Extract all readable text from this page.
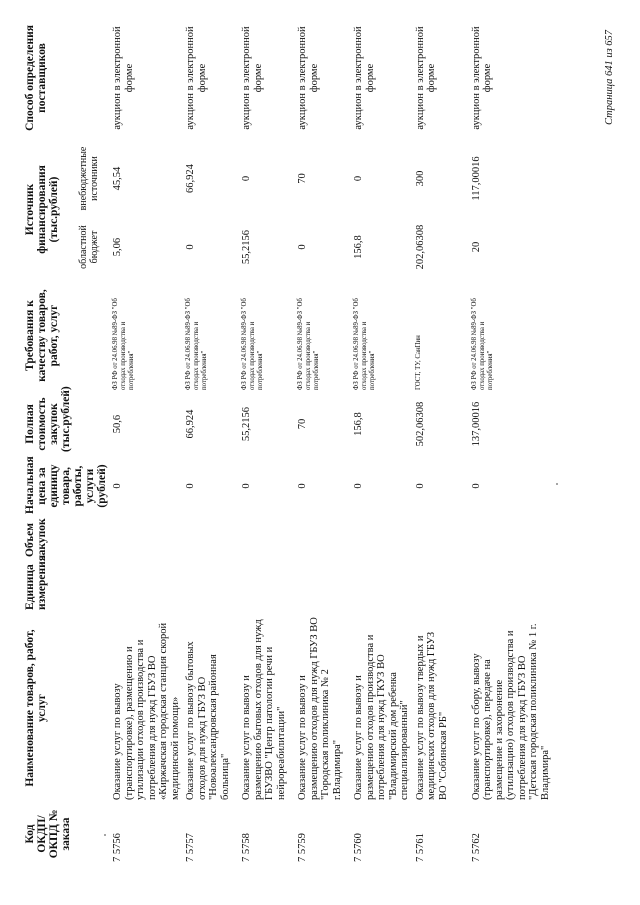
Код ОКДП/ ОКПД № заказа	Наименование товаров, работ, услуг	Единица измерения	Объем закупок	Начальная цена за единицу товара, работы, услуги (рублей)	Полная стоимость закупок (тыс.рублей)	Требования к качеству товаров, работ, услуг	Источник финансирования (тыс.рублей)		Способ определения поставщиков
							областной бюджет	внебюджетные источники	
7 5756	Оказание услуг по вывозу (транспортировке), размещению и утилизации отходов производства и потребления для нужд ГБУЗ ВО «Киржачская городская станция скорой медицинской помощи»			0	50,6	ФЗ РФ от 24.06.98 №89-ФЗ "Об отходах производства и потребления"	5,06	45,54	аукцион в электронной форме
7 5757	Оказание услуг по вывозу бытовых отходов для нужд ГБУЗ ВО "Новоалександровская районная больница"			0	66,924	ФЗ РФ от 24.06.98 №89-ФЗ "Об отходах производства и потребления"	0	66,924	аукцион в электронной форме
7 5758	Оказание услуг по вывозу и размещению бытовых отходов для нужд ГБУЗВО "Центр патологии речи и нейрореабилитации"			0	55,2156	ФЗ РФ от 24.06.98 №89-ФЗ "Об отходах производства и потребления"	55,2156	0	аукцион в электронной форме
7 5759	Оказание услуг по вывозу и размещению отходов для нужд ГБУЗ ВО "Городская поликлиника № 2 г.Владимира"			0	70	ФЗ РФ от 24.06.98 №89-ФЗ "Об отходах производства и потребления"	0	70	аукцион в электронной форме
7 5760	Оказание услуг по вывозу и размещению отходов производства и потребления для нужд ГКУЗ ВО "Владимирский дом ребенка специализированный"			0	156,8	ФЗ РФ от 24.06.98 №89-ФЗ "Об отходах производства и потребления"	156,8	0	аукцион в электронной форме
7 5761	Оказание услуг по вывозу твердых и медицинских отходов для нужд ГБУЗ ВО "Собинская РБ"			0	502,06308	ГОСТ, ТУ, СанПин	202,06308	300	аукцион в электронной форме
7 5762	Оказание услуг по сбору, вывозу (транспортировке), передаче на размещение и захоронение (утилизацию) отходов производства и потребления для нужд ГБУЗ ВО "Детская городская поликлиника № 1 г. Владимира"			0	137,00016	ФЗ РФ от 24.06.98 №89-ФЗ "Об отходах производства и потребления"	20	117,00016	аукцион в электронной форме	Страница 641 из 657
